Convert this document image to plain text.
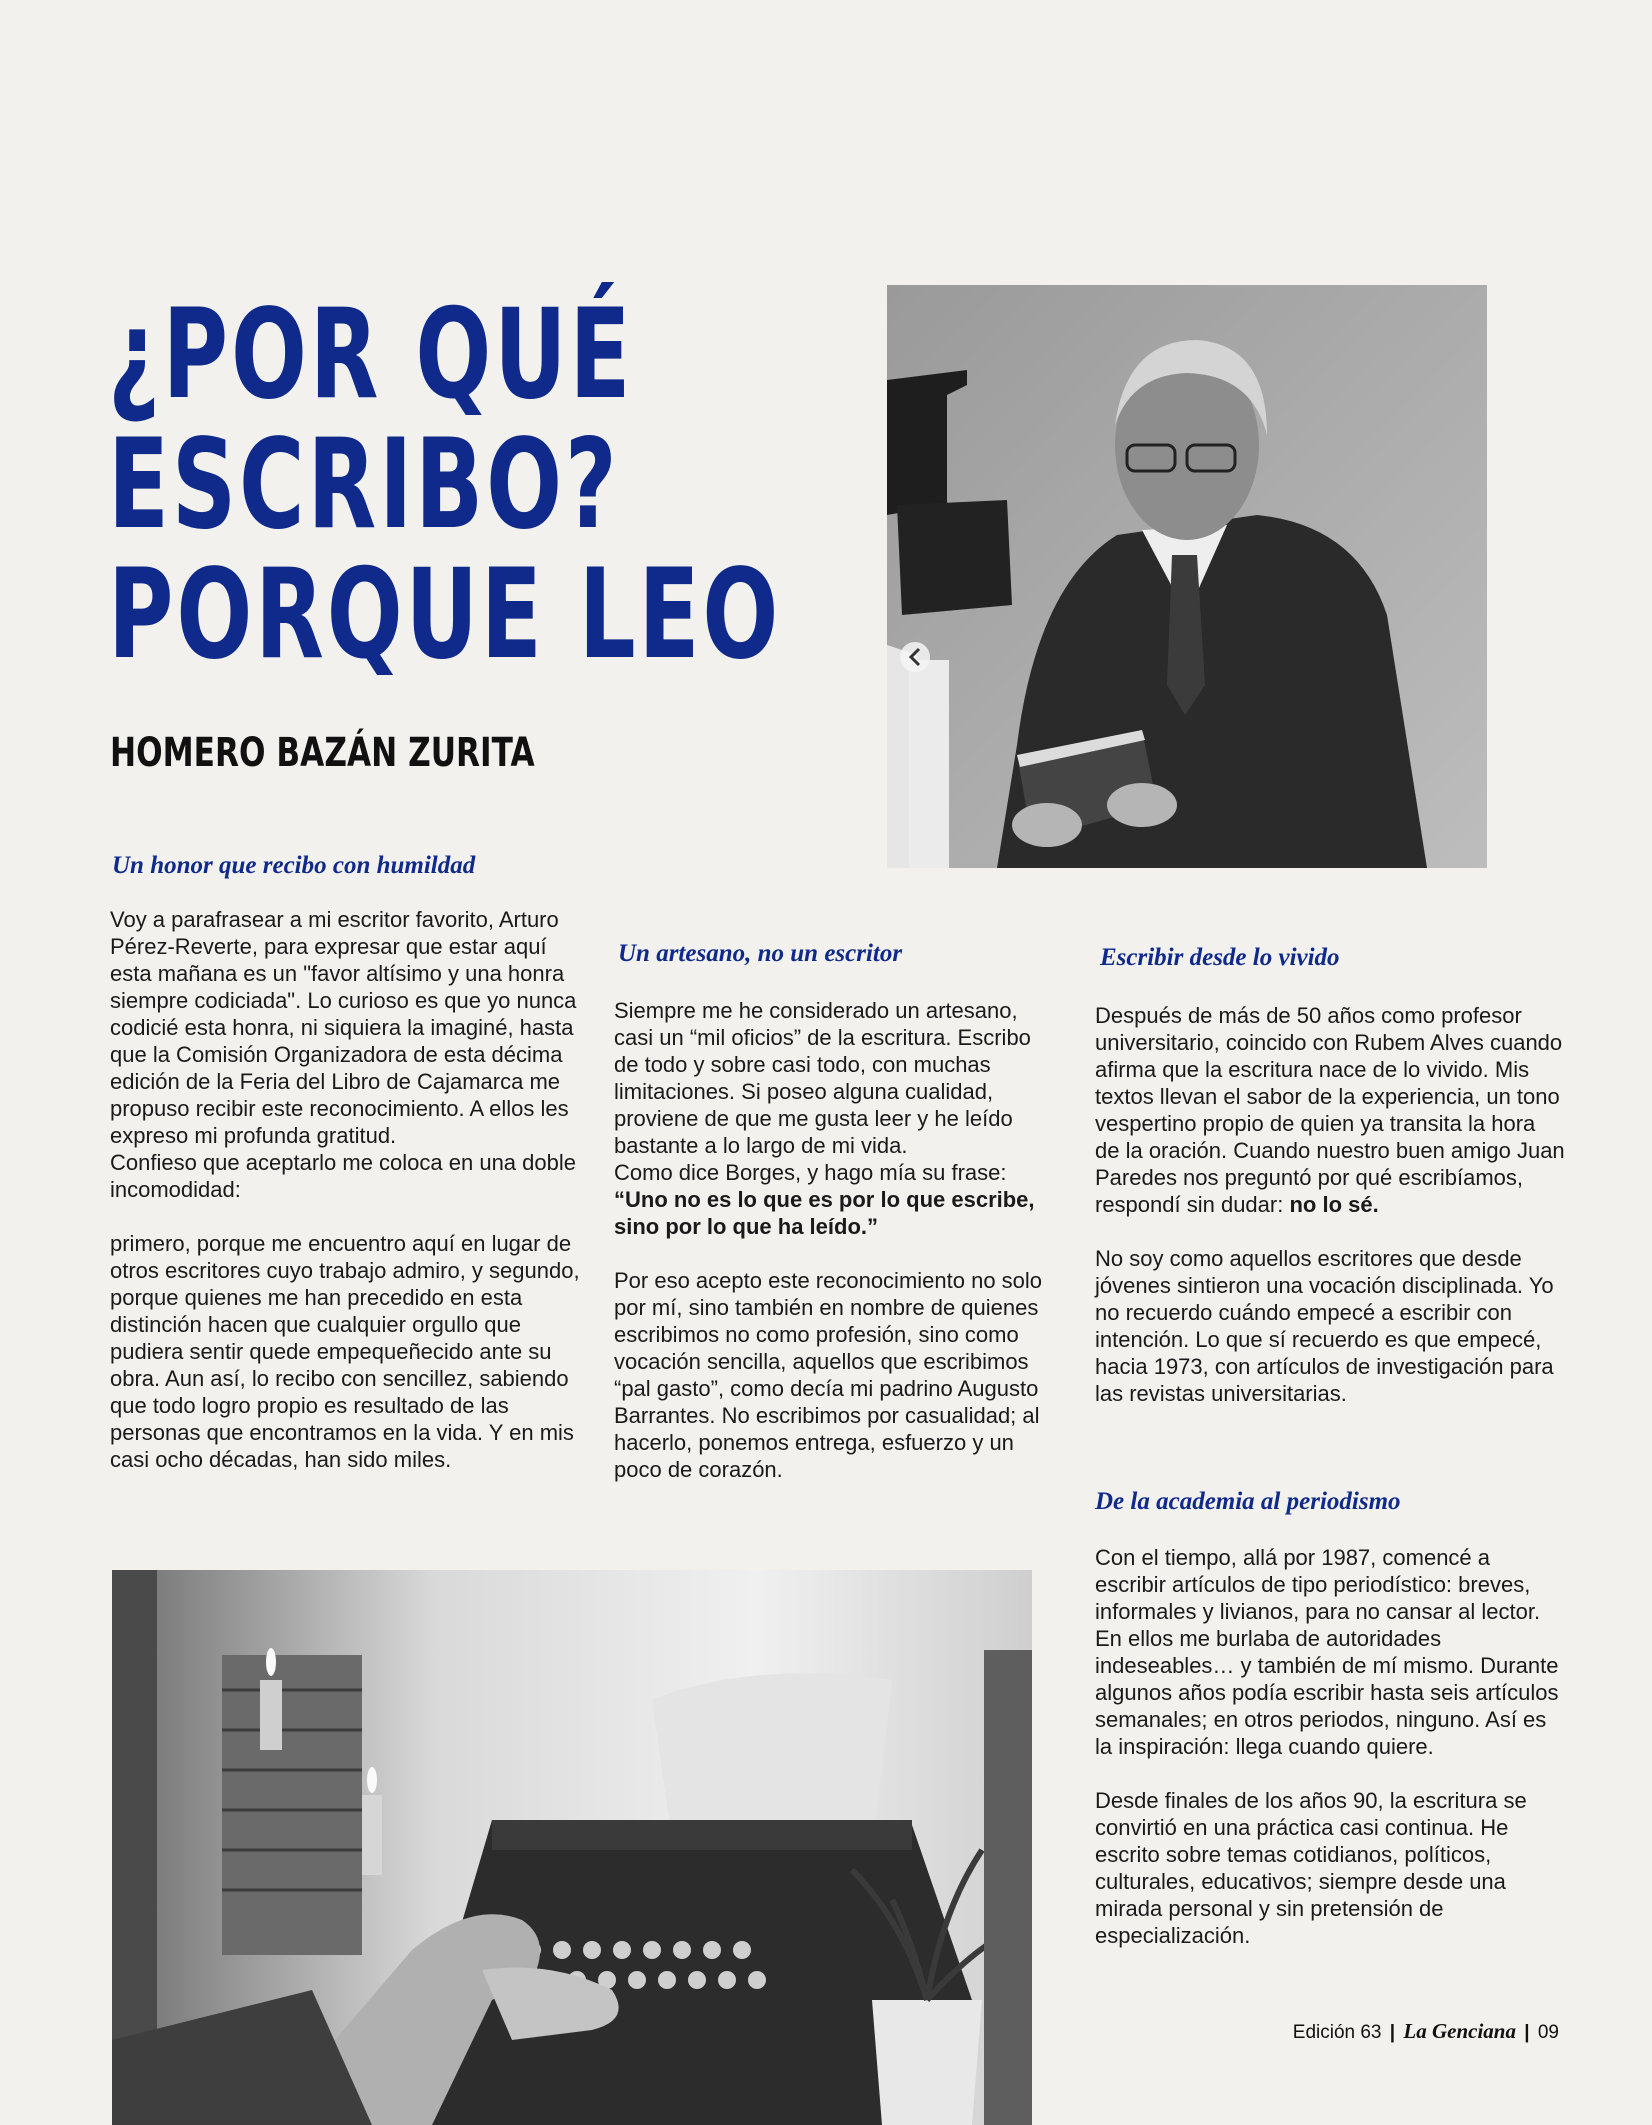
¿POR QUÉ
ESCRIBO?
PORQUE LEO
HOMERO BAZÁN ZURITA
Un honor que recibo con humildad

Voy a parafrasear a mi escritor favorito, Arturo Pérez-Reverte, para expresar que estar aquí esta mañana es un "favor altísimo y una honra siempre codiciada". Lo curioso es que yo nunca codicié esta honra, ni siquiera la imaginé, hasta que la Comisión Organizadora de esta décima edición de la Feria del Libro de Cajamarca me propuso recibir este reconocimiento. A ellos les expreso mi profunda gratitud.

Confieso que aceptarlo me coloca en una doble incomodidad:

primero, porque me encuentro aquí en lugar de otros escritores cuyo trabajo admiro, y segundo, porque quienes me han precedido en esta distinción hacen que cualquier orgullo que pudiera sentir quede empequeñecido ante su obra. Aun así, lo recibo con sencillez, sabiendo que todo logro propio es resultado de las personas que encontramos en la vida. Y en mis casi ocho décadas, han sido miles.

Un artesano, no un escritor

Siempre me he considerado un artesano, casi un “mil oficios” de la escritura. Escribo de todo y sobre casi todo, con muchas limitaciones. Si poseo alguna cualidad, proviene de que me gusta leer y he leído bastante a lo largo de mi vida.

Como dice Borges, y hago mía su frase:

“Uno no es lo que es por lo que escribe, sino por lo que ha leído.”

Por eso acepto este reconocimiento no solo por mí, sino también en nombre de quienes escribimos no como profesión, sino como vocación sencilla, aquellos que escribimos “pal gasto”, como decía mi padrino Augusto Barrantes. No escribimos por casualidad; al hacerlo, ponemos entrega, esfuerzo y un poco de corazón.

Escribir desde lo vivido

Después de más de 50 años como profesor universitario, coincido con Rubem Alves cuando afirma que la escritura nace de lo vivido. Mis textos llevan el sabor de la experiencia, un tono vespertino propio de quien ya transita la hora de la oración. Cuando nuestro buen amigo Juan Paredes nos preguntó por qué escribíamos, respondí sin dudar: no lo sé.

No soy como aquellos escritores que desde jóvenes sintieron una vocación disciplinada. Yo no recuerdo cuándo empecé a escribir con intención. Lo que sí recuerdo es que empecé, hacia 1973, con artículos de investigación para las revistas universitarias.

De la academia al periodismo

Con el tiempo, allá por 1987, comencé a escribir artículos de tipo periodístico: breves, informales y livianos, para no cansar al lector. En ellos me burlaba de autoridades indeseables… y también de mí mismo. Durante algunos años podía escribir hasta seis artículos semanales; en otros periodos, ninguno. Así es la inspiración: llega cuando quiere.

Desde finales de los años 90, la escritura se convirtió en una práctica casi continua. He escrito sobre temas cotidianos, políticos, culturales, educativos; siempre desde una mirada personal y sin pretensión de especialización.

Edición 63 | La Genciana | 09
